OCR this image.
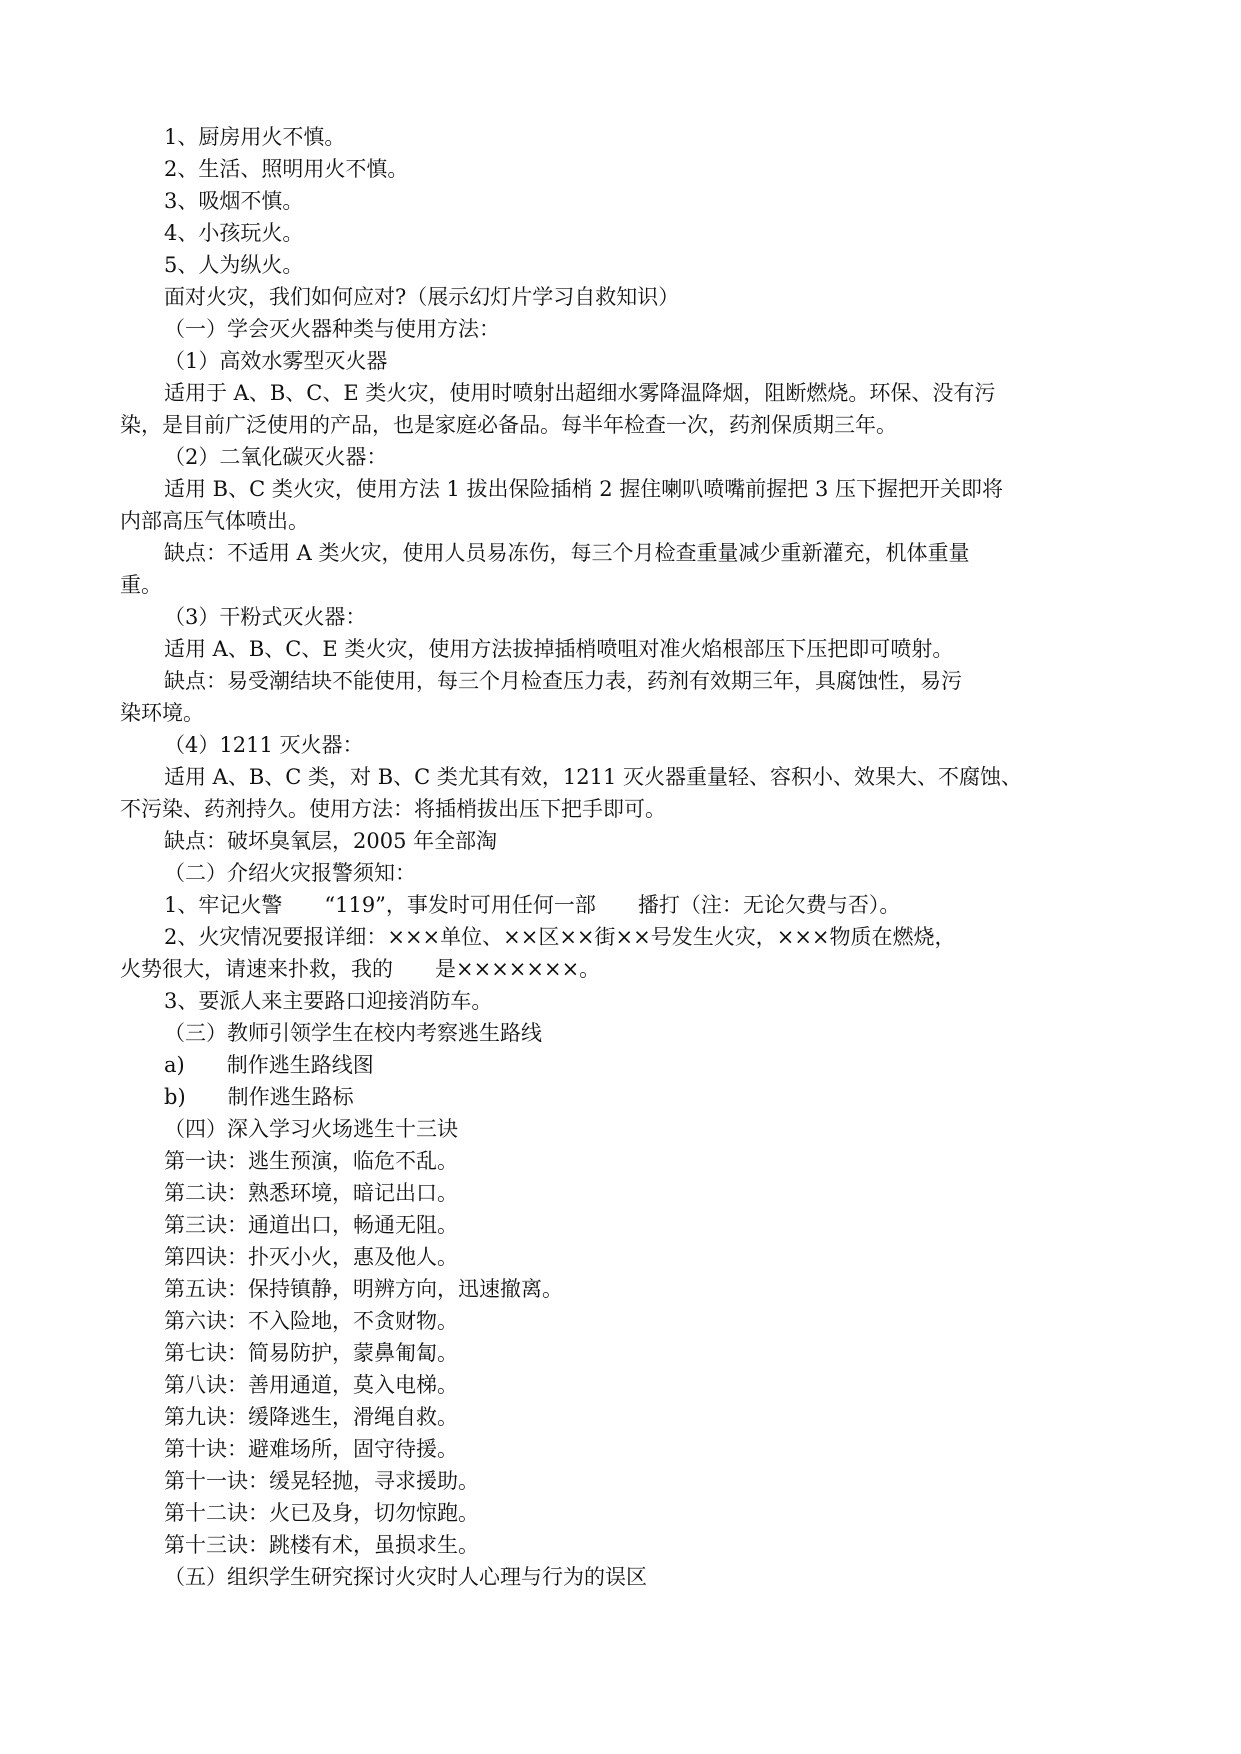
1、厨房用火不慎。
2、生活、照明用火不慎。
3、吸烟不慎。
4、小孩玩火。
5、人为纵火。
面对火灾，我们如何应对?（展示幻灯片学习自救知识）
（一）学会灭火器种类与使用方法：
（1）高效水雾型灭火器
适用于 A、B、C、E 类火灾，使用时喷射出超细水雾降温降烟，阻断燃烧。环保、没有污
染，是目前广泛使用的产品，也是家庭必备品。每半年检查一次，药剂保质期三年。
（2）二氧化碳灭火器：
适用 B、C 类火灾，使用方法 1 拔出保险插梢 2 握住喇叭喷嘴前握把 3 压下握把开关即将
内部高压气体喷出。
缺点：不适用 A 类火灾，使用人员易冻伤，每三个月检查重量减少重新灌充，机体重量
重。
（3）干粉式灭火器：
适用 A、B、C、E 类火灾，使用方法拔掉插梢喷咀对准火焰根部压下压把即可喷射。
缺点：易受潮结块不能使用，每三个月检查压力表，药剂有效期三年，具腐蚀性，易污
染环境。
（4）1211 灭火器：
适用 A、B、C 类，对 B、C 类尤其有效，1211 灭火器重量轻、容积小、效果大、不腐蚀、
不污染、药剂持久。使用方法：将插梢拔出压下把手即可。
缺点：破坏臭氧层，2005 年全部淘
（二）介绍火灾报警须知：
1、牢记火警　　“119”，事发时可用任何一部　　播打（注：无论欠费与否）。
2、火灾情况要报详细：×××单位、××区××街××号发生火灾，×××物质在燃烧，
火势很大，请速来扑救，我的　　是×××××××。
3、要派人来主要路口迎接消防车。
（三）教师引领学生在校内考察逃生路线
a)　　制作逃生路线图
b)　　制作逃生路标
（四）深入学习火场逃生十三诀
第一诀：逃生预演，临危不乱。
第二诀：熟悉环境，暗记出口。
第三诀：通道出口，畅通无阻。
第四诀：扑灭小火，惠及他人。
第五诀：保持镇静，明辨方向，迅速撤离。
第六诀：不入险地，不贪财物。
第七诀：简易防护，蒙鼻匍匐。
第八诀：善用通道，莫入电梯。
第九诀：缓降逃生，滑绳自救。
第十诀：避难场所，固守待援。
第十一诀：缓晃轻抛，寻求援助。
第十二诀：火已及身，切勿惊跑。
第十三诀：跳楼有术，虽损求生。
（五）组织学生研究探讨火灾时人心理与行为的误区
